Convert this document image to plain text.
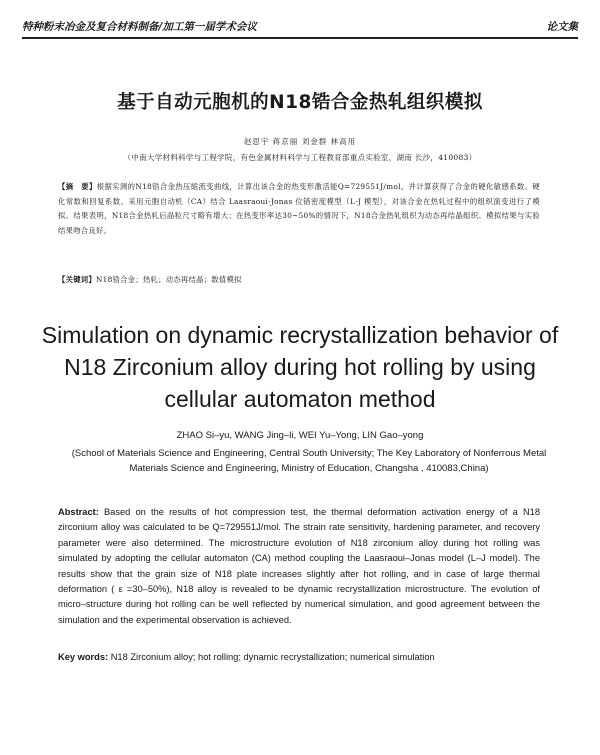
特种粉末冶金及复合材料制备/加工第一届学术会议	论文集
基于自动元胞机的N18锆合金热轧组织模拟
赵思宇 蒋京丽 刘金群 林高用
（中南大学材料科学与工程学院，有色金属材料科学与工程教育部重点实验室，湖南 长沙，410083）
【摘　要】根据实测的N18锆合金热压缩流变曲线，计算出该合金的热变形激活能Q=729551J/mol，并计算获得了合金的硬化敏感系数、硬化常数和回复系数。采用元胞自动机（CA）结合 Laasraoui-Jonas 位错密度模型（L-J 模型），对该合金在热轧过程中的组织演变进行了模拟。结果表明，N18合金热轧后晶粒尺寸略有增大；在热变形率达30~50%的情况下，N18合金热轧组织为动态再结晶组织。模拟结果与实验结果吻合良好。
【关键词】N18锆合金；热轧；动态再结晶；数值模拟
Simulation on dynamic recrystallization behavior of N18 Zirconium alloy during hot rolling by using cellular automaton method
ZHAO Si–yu, WANG Jing–li, WEI Yu–Yong, LIN Gao–yong
(School of Materials Science and Engineering, Central South University; The Key Laboratory of Nonferrous Metal Materials Science and Engineering, Ministry of Education, Changsha , 410083,China)
Abstract: Based on the results of hot compression test, the thermal deformation activation energy of a N18 zirconium alloy was calculated to be Q=729551J/mol. The strain rate sensitivity, hardening parameter, and recovery parameter were also determined. The microstructure evolution of N18 zirconium alloy during hot rolling was simulated by adopting the cellular automaton (CA) method coupling the Laasraoui–Jonas model (L–J model). The results show that the grain size of N18 plate increases slightly after hot rolling, and in case of large thermal deformation ( ε =30–50%), N18 alloy is revealed to be dynamic recrystallization microstructure. The evolution of micro–structure during hot rolling can be well reflected by numerical simulation, and good agreement between the simulation and the experimental observation is achieved.
Key words: N18 Zirconium alloy; hot rolling; dynamic recrystallization; numerical simulation
